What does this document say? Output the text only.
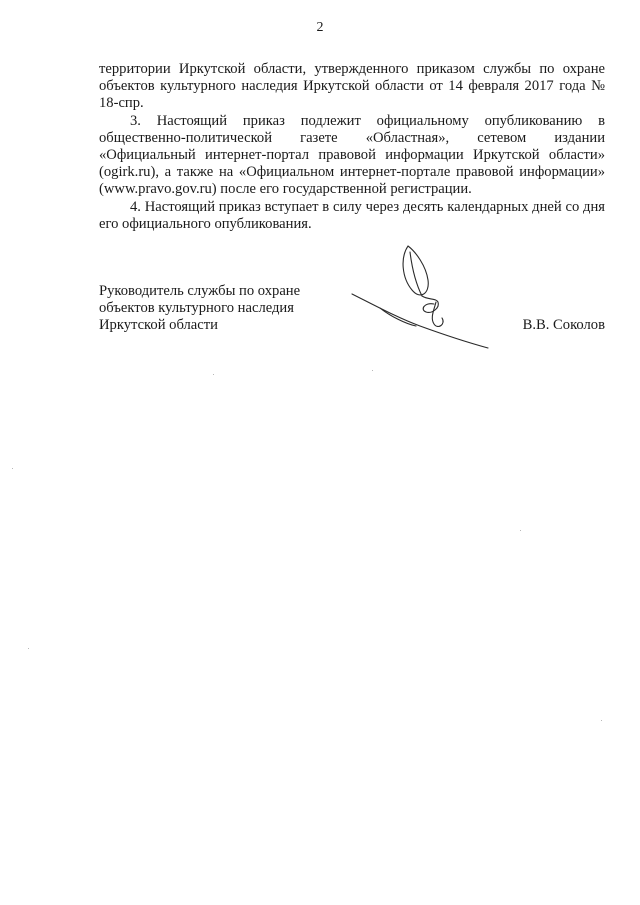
2

территории Иркутской области, утвержденного приказом службы по охране объектов культурного наследия Иркутской области от 14 февраля 2017 года № 18-спр.

3. Настоящий приказ подлежит официальному опубликованию в общественно-политической газете «Областная», сетевом издании «Официальный интернет-портал правовой информации Иркутской области» (ogirk.ru), а также на «Официальном интернет-портале правовой информации» (www.pravo.gov.ru) после его государственной регистрации.

4. Настоящий приказ вступает в силу через десять календарных дней со дня его официального опубликования.

Руководитель службы по охране
объектов культурного наследия
Иркутской области	В.В. Соколов
